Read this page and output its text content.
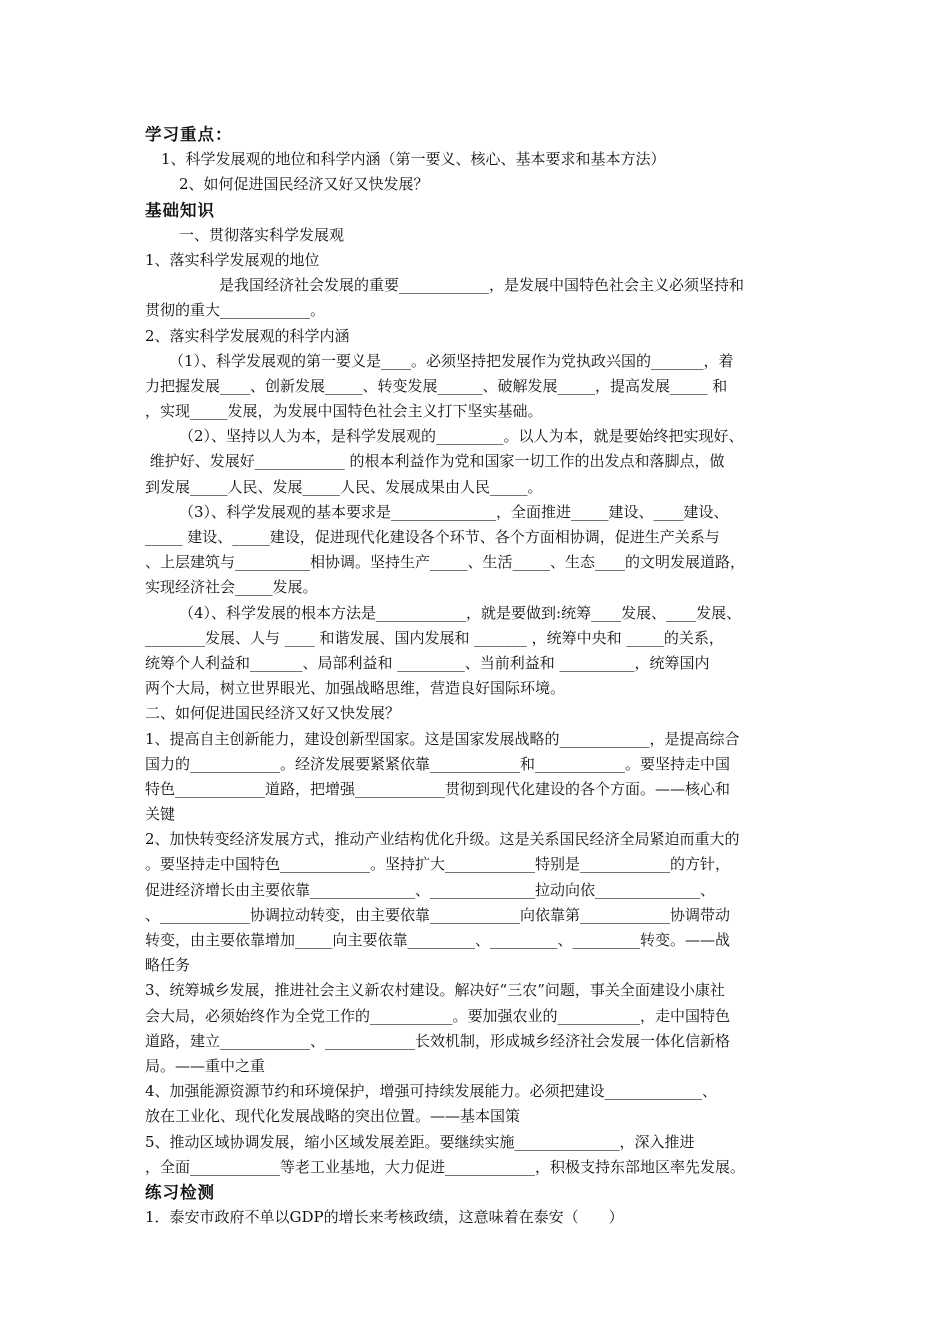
学习重点：
1、科学发展观的地位和科学内涵（第一要义、核心、基本要求和基本方法）
2、如何促进国民经济又好又快发展？
基础知识
一、贯彻落实科学发展观
1、落实科学发展观的地位
是我国经济社会发展的重要____________，是发展中国特色社会主义必须坚持和
贯彻的重大____________。
2、落实科学发展观的科学内涵
（1）、科学发展观的第一要义是____。必须坚持把发展作为党执政兴国的_______，着
力把握发展____、创新发展_____、转变发展______、破解发展_____，提高发展_____ 和
，实现_____发展，为发展中国特色社会主义打下坚实基础。
（2）、坚持以人为本，是科学发展观的_________。以人为本，就是要始终把实现好、
维护好、发展好____________ 的根本利益作为党和国家一切工作的出发点和落脚点，做
到发展_____人民、发展_____人民、发展成果由人民_____。
（3）、科学发展观的基本要求是______________，全面推进_____建设、____建设、
_____ 建设、_____建设，促进现代化建设各个环节、各个方面相协调，促进生产关系与
、上层建筑与__________相协调。坚持生产_____、生活_____、生态____的文明发展道路，
实现经济社会_____发展。
（4）、科学发展的根本方法是____________，就是要做到:统筹____发展、____发展、
________发展、人与 ____ 和谐发展、国内发展和 _______ ，统筹中央和 _____的关系，
统筹个人利益和_______、局部利益和 _________、当前利益和 __________，统筹国内
两个大局，树立世界眼光、加强战略思维，营造良好国际环境。
二、如何促进国民经济又好又快发展？
1、提高自主创新能力，建设创新型国家。这是国家发展战略的____________，是提高综合
国力的____________。经济发展要紧紧依靠____________和____________。要坚持走中国
特色____________道路，把增强____________贯彻到现代化建设的各个方面。——核心和
关键
2、加快转变经济发展方式，推动产业结构优化升级。这是关系国民经济全局紧迫而重大的
。要坚持走中国特色____________。坚持扩大____________特别是____________的方针，
促进经济增长由主要依靠______________、______________拉动向依______________、
、____________协调拉动转变，由主要依靠____________向依靠第____________协调带动
转变，由主要依靠增加_____向主要依靠_________、_________、_________转变。——战
略任务
3、统筹城乡发展，推进社会主义新农村建设。解决好“三农”问题，事关全面建设小康社
会大局，必须始终作为全党工作的___________。要加强农业的___________，走中国特色
道路，建立____________、____________长效机制，形成城乡经济社会发展一体化信新格
局。——重中之重
4、加强能源资源节约和环境保护，增强可持续发展能力。必须把建设_____________、
放在工业化、现代化发展战略的突出位置。——基本国策
5、推动区域协调发展，缩小区域发展差距。要继续实施______________，深入推进
，全面____________等老工业基地，大力促进____________，积极支持东部地区率先发展。
练习检测
1．泰安市政府不单以GDP的增长来考核政绩，这意味着在泰安（　　）
